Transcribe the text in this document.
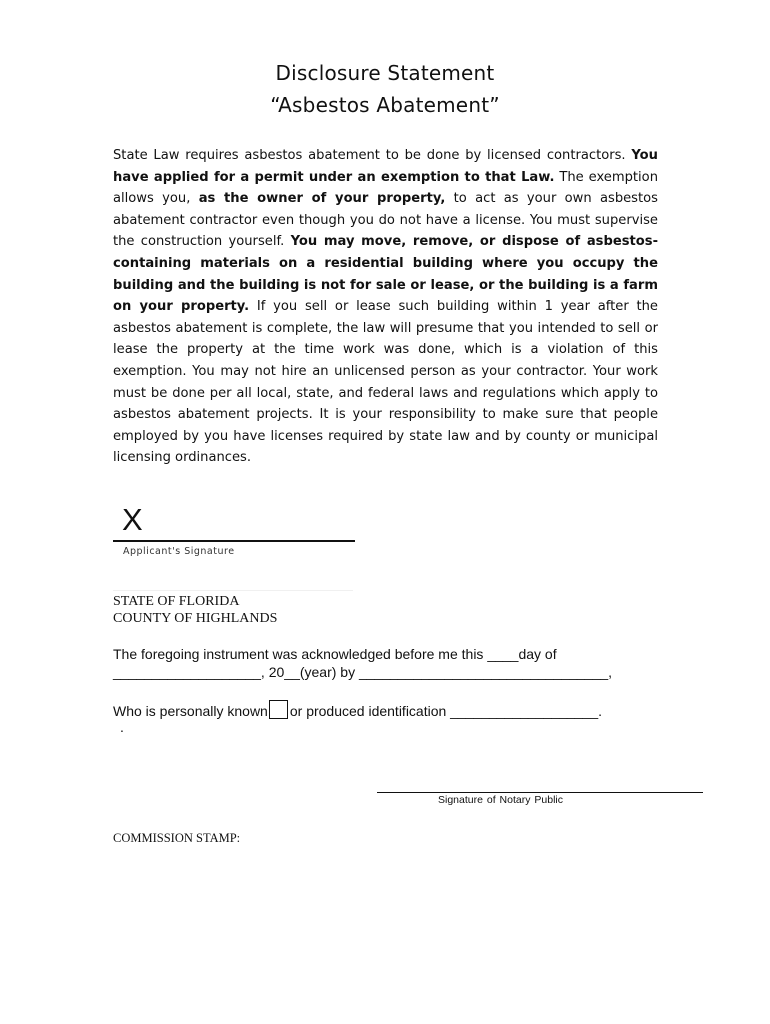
Disclosure Statement
“Asbestos Abatement”

State Law requires asbestos abatement to be done by licensed contractors. You have applied for a permit under an exemption to that Law. The exemption allows you, as the owner of your property, to act as your own asbestos abatement contractor even though you do not have a license. You must supervise the construction yourself. You may move, remove, or dispose of asbestos-containing materials on a residential building where you occupy the building and the building is not for sale or lease, or the building is a farm on your property. If you sell or lease such building within 1 year after the asbestos abatement is complete, the law will presume that you intended to sell or lease the property at the time work was done, which is a violation of this exemption. You may not hire an unlicensed person as your contractor. Your work must be done per all local, state, and federal laws and regulations which apply to asbestos abatement projects. It is your responsibility to make sure that people employed by you have licenses required by state law and by county or municipal licensing ordinances.

X
Applicant's Signature
STATE OF FLORIDA
COUNTY OF HIGHLANDS
The foregoing instrument was acknowledged before me this ____day of
___________________, 20__(year) by ________________________________,
Who is personally known or produced identification ___________________.
.
Signature of Notary Public
COMMISSION STAMP:
